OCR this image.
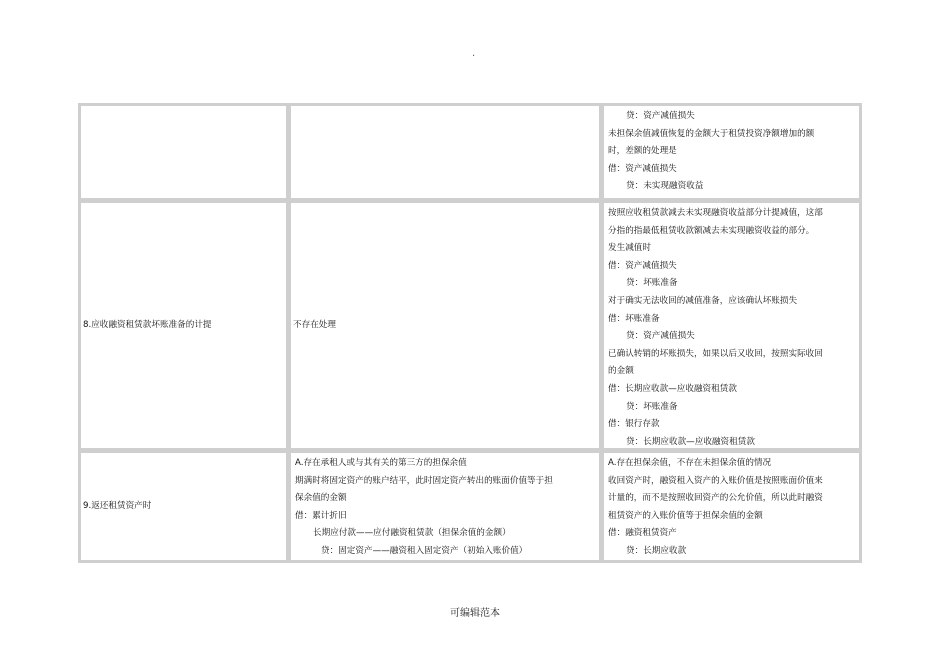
.
贷：资产减值损失
未担保余值减值恢复的金额大于租赁投资净额增加的额
时，差额的处理是
借：资产减值损失
贷：未实现融资收益
8.应收融资租赁款坏账准备的计提	不存在处理
按照应收租赁款减去未实现融资收益部分计提减值，这部
分指的指最低租赁收款额减去未实现融资收益的部分。
发生减值时
借：资产减值损失
贷：坏账准备
对于确实无法收回的减值准备，应该确认坏账损失
借：坏账准备
贷：资产减值损失
已确认转销的坏账损失，如果以后又收回，按照实际收回
的金额
借：长期应收款—应收融资租赁款
贷：坏账准备
借：银行存款
贷：长期应收款—应收融资租赁款
9.返还租赁资产时
A.存在承租人或与其有关的第三方的担保余值
期满时将固定资产的账户结平，此时固定资产转出的账面价值等于担
保余值的金额
借：累计折旧
长期应付款——应付融资租赁款（担保余值的金额）
贷：固定资产——融资租入固定资产（初始入账价值）
A.存在担保余值，不存在未担保余值的情况
收回资产时，融资租入资产的入账价值是按照账面价值来
计量的，而不是按照收回资产的公允价值，所以此时融资
租赁资产的入账价值等于担保余值的金额
借：融资租赁资产
贷：长期应收款
可编辑范本
